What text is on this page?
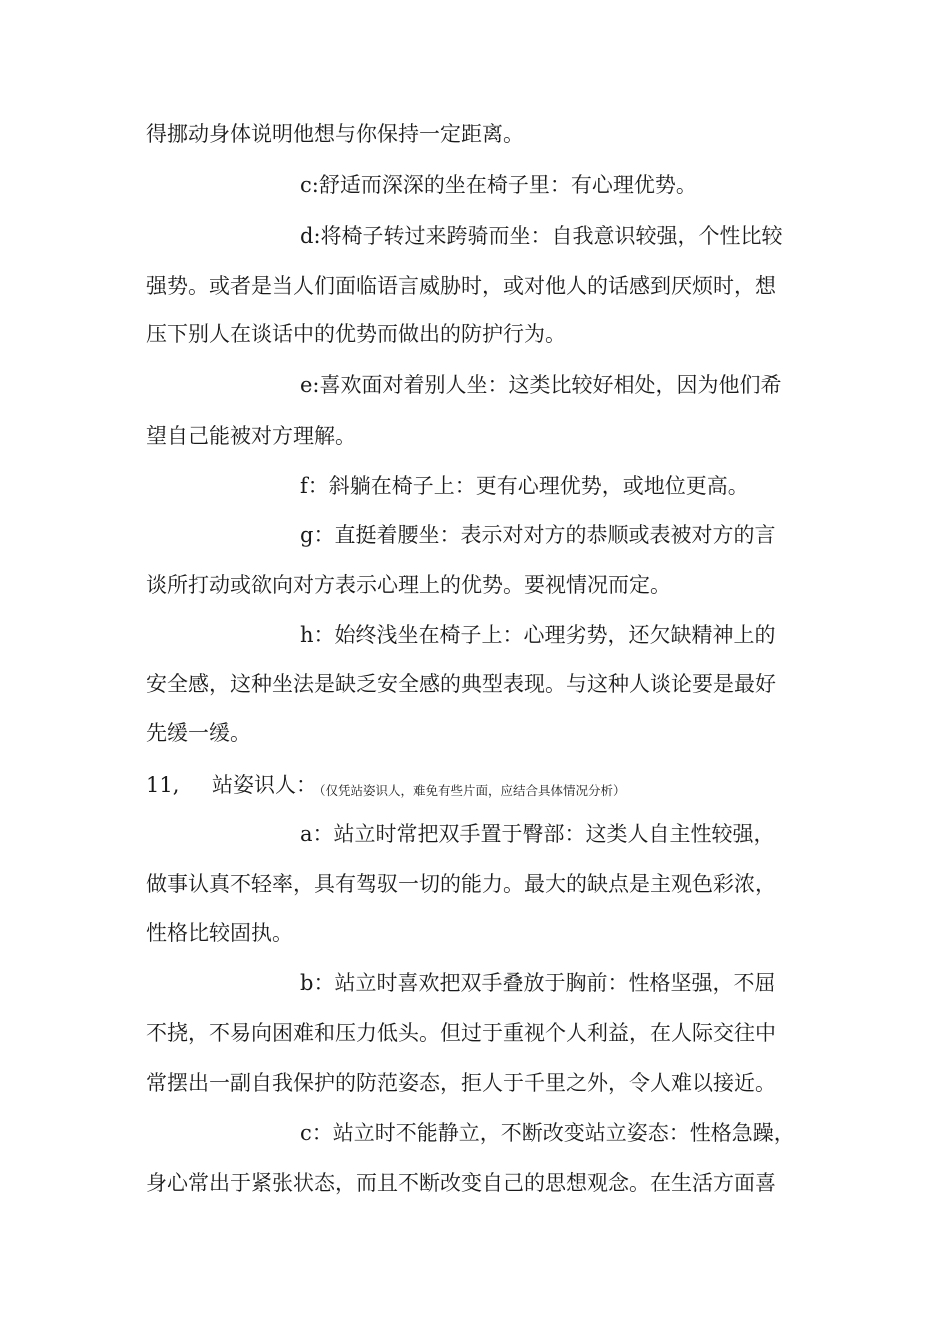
得挪动身体说明他想与你保持一定距离。

c:舒适而深深的坐在椅子里：有心理优势。

d:将椅子转过来跨骑而坐：自我意识较强，个性比较

强势。或者是当人们面临语言威胁时，或对他人的话感到厌烦时，想

压下别人在谈话中的优势而做出的防护行为。

e:喜欢面对着别人坐：这类比较好相处，因为他们希

望自己能被对方理解。

f：斜躺在椅子上：更有心理优势，或地位更高。

g：直挺着腰坐：表示对对方的恭顺或表被对方的言

谈所打动或欲向对方表示心理上的优势。要视情况而定。

h：始终浅坐在椅子上：心理劣势，还欠缺精神上的

安全感，这种坐法是缺乏安全感的典型表现。与这种人谈论要是最好

先缓一缓。

11, 站姿识人：

（仅凭站姿识人，难免有些片面，应结合具体情况分析）

a：站立时常把双手置于臀部：这类人自主性较强，

做事认真不轻率，具有驾驭一切的能力。最大的缺点是主观色彩浓，

性格比较固执。

b：站立时喜欢把双手叠放于胸前：性格坚强，不屈

不挠，不易向困难和压力低头。但过于重视个人利益，在人际交往中

常摆出一副自我保护的防范姿态，拒人于千里之外，令人难以接近。

c：站立时不能静立，不断改变站立姿态：性格急躁，

身心常出于紧张状态，而且不断改变自己的思想观念。在生活方面喜
